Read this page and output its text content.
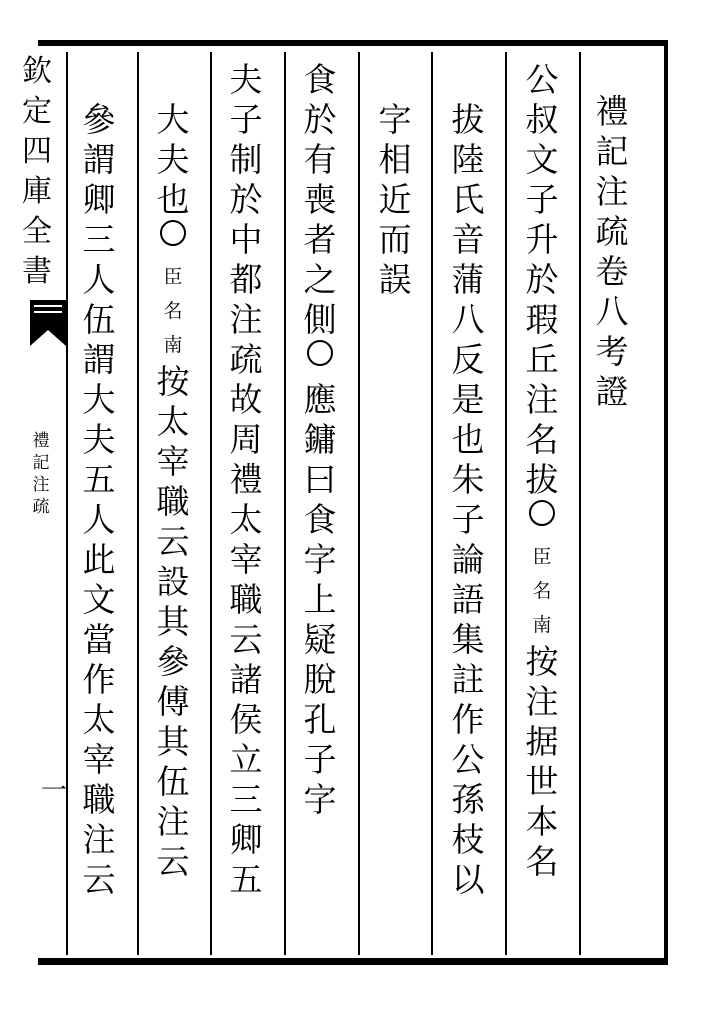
欽
定
四
庫
全
書
禮
記
注
疏
一
禮
記
注
疏
卷
八
考
證
公
叔
文
子
升
於
瑕
丘
注
名
拔
臣
名
南
按
注
据
世
本
名
拔
陸
氏
音
蒲
八
反
是
也
朱
子
論
語
集
註
作
公
孫
枝
以
字
相
近
而
誤
食
於
有
喪
者
之
側
應
鏞
曰
食
字
上
疑
脫
孔
子
字
夫
子
制
於
中
都
注
疏
故
周
禮
太
宰
職
云
諸
侯
立
三
卿
五
大
夫
也
臣
名
南
按
太
宰
職
云
設
其
參
傅
其
伍
注
云
參
謂
卿
三
人
伍
謂
大
夫
五
人
此
文
當
作
太
宰
職
注
云
